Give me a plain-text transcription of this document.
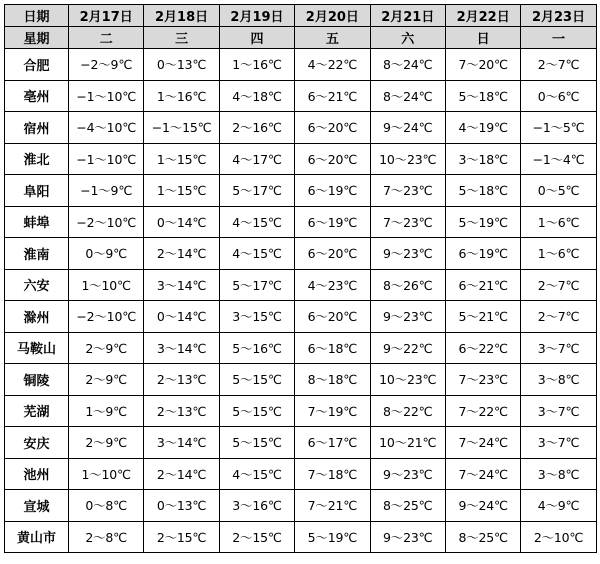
日期	2月17日	2月18日	2月19日	2月20日	2月21日	2月22日	2月23日
星期	二	三	四	五	六	日	一
合肥	−2～9℃	0～13℃	1～16℃	4～22℃	8～24℃	7～20℃	2～7℃
亳州	−1～10℃	1～16℃	4～18℃	6～21℃	8～24℃	5～18℃	0～6℃
宿州	−4～10℃	−1～15℃	2～16℃	6～20℃	9～24℃	4～19℃	−1～5℃
淮北	−1～10℃	1～15℃	4～17℃	6～20℃	10～23℃	3～18℃	−1～4℃
阜阳	−1～9℃	1～15℃	5～17℃	6～19℃	7～23℃	5～18℃	0～5℃
蚌埠	−2～10℃	0～14℃	4～15℃	6～19℃	7～23℃	5～19℃	1～6℃
淮南	0～9℃	2～14℃	4～15℃	6～20℃	9～23℃	6～19℃	1～6℃
六安	1～10℃	3～14℃	5～17℃	4～23℃	8～26℃	6～21℃	2～7℃
滁州	−2～10℃	0～14℃	3～15℃	6～20℃	9～23℃	5～21℃	2～7℃
马鞍山	2～9℃	3～14℃	5～16℃	6～18℃	9～22℃	6～22℃	3～7℃
铜陵	2～9℃	2～13℃	5～15℃	8～18℃	10～23℃	7～23℃	3～8℃
芜湖	1～9℃	2～13℃	5～15℃	7～19℃	8～22℃	7～22℃	3～7℃
安庆	2～9℃	3～14℃	5～15℃	6～17℃	10～21℃	7～24℃	3～7℃
池州	1～10℃	2～14℃	4～15℃	7～18℃	9～23℃	7～24℃	3～8℃
宣城	0～8℃	0～13℃	3～16℃	7～21℃	8～25℃	9～24℃	4～9℃
黄山市	2～8℃	2～15℃	2～15℃	5～19℃	9～23℃	8～25℃	2～10℃
